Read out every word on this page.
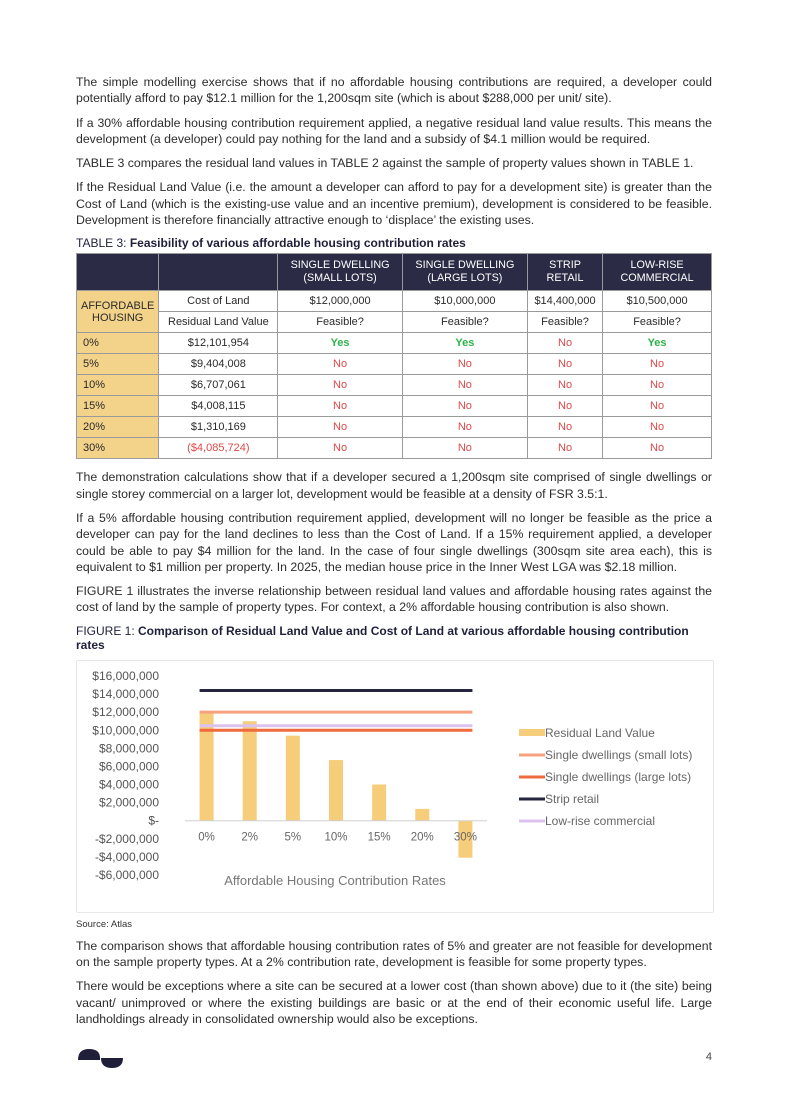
The simple modelling exercise shows that if no affordable housing contributions are required, a developer could potentially afford to pay $12.1 million for the 1,200sqm site (which is about $288,000 per unit/ site).

If a 30% affordable housing contribution requirement applied, a negative residual land value results. This means the development (a developer) could pay nothing for the land and a subsidy of $4.1 million would be required.

TABLE 3 compares the residual land values in TABLE 2 against the sample of property values shown in TABLE 1.

If the Residual Land Value (i.e. the amount a developer can afford to pay for a development site) is greater than the Cost of Land (which is the existing-use value and an incentive premium), development is considered to be feasible. Development is therefore financially attractive enough to ‘displace’ the existing uses.

TABLE 3: Feasibility of various affordable housing contribution rates
		SINGLE DWELLING (SMALL LOTS)	SINGLE DWELLING (LARGE LOTS)	STRIP RETAIL	LOW-RISE COMMERCIAL
AFFORDABLE HOUSING	Cost of Land	$12,000,000	$10,000,000	$14,400,000	$10,500,000
	Residual Land Value	Feasible?	Feasible?	Feasible?	Feasible?
0%	$12,101,954	Yes	Yes	No	Yes
5%	$9,404,008	No	No	No	No
10%	$6,707,061	No	No	No	No
15%	$4,008,115	No	No	No	No
20%	$1,310,169	No	No	No	No
30%	($4,085,724)	No	No	No	No

The demonstration calculations show that if a developer secured a 1,200sqm site comprised of single dwellings or single storey commercial on a larger lot, development would be feasible at a density of FSR 3.5:1.

If a 5% affordable housing contribution requirement applied, development will no longer be feasible as the price a developer can pay for the land declines to less than the Cost of Land. If a 15% requirement applied, a developer could be able to pay $4 million for the land. In the case of four single dwellings (300sqm site area each), this is equivalent to $1 million per property. In 2025, the median house price in the Inner West LGA was $2.18 million.

FIGURE 1 illustrates the inverse relationship between residual land values and affordable housing rates against the cost of land by the sample of property types. For context, a 2% affordable housing contribution is also shown.

FIGURE 1: Comparison of Residual Land Value and Cost of Land at various affordable housing contribution rates
$16,000,000
$14,000,000
$12,000,000
$10,000,000
$8,000,000
$6,000,000
$4,000,000
$2,000,000
$-
-$2,000,000
-$4,000,000
-$6,000,000
0% 2% 5% 10% 15% 20% 30%
Affordable Housing Contribution Rates
Residual Land Value
Single dwellings (small lots)
Single dwellings (large lots)
Strip retail
Low-rise commercial
Source: Atlas

The comparison shows that affordable housing contribution rates of 5% and greater are not feasible for development on the sample property types. At a 2% contribution rate, development is feasible for some property types.

There would be exceptions where a site can be secured at a lower cost (than shown above) due to it (the site) being vacant/ unimproved or where the existing buildings are basic or at the end of their economic useful life. Large landholdings already in consolidated ownership would also be exceptions.

4
